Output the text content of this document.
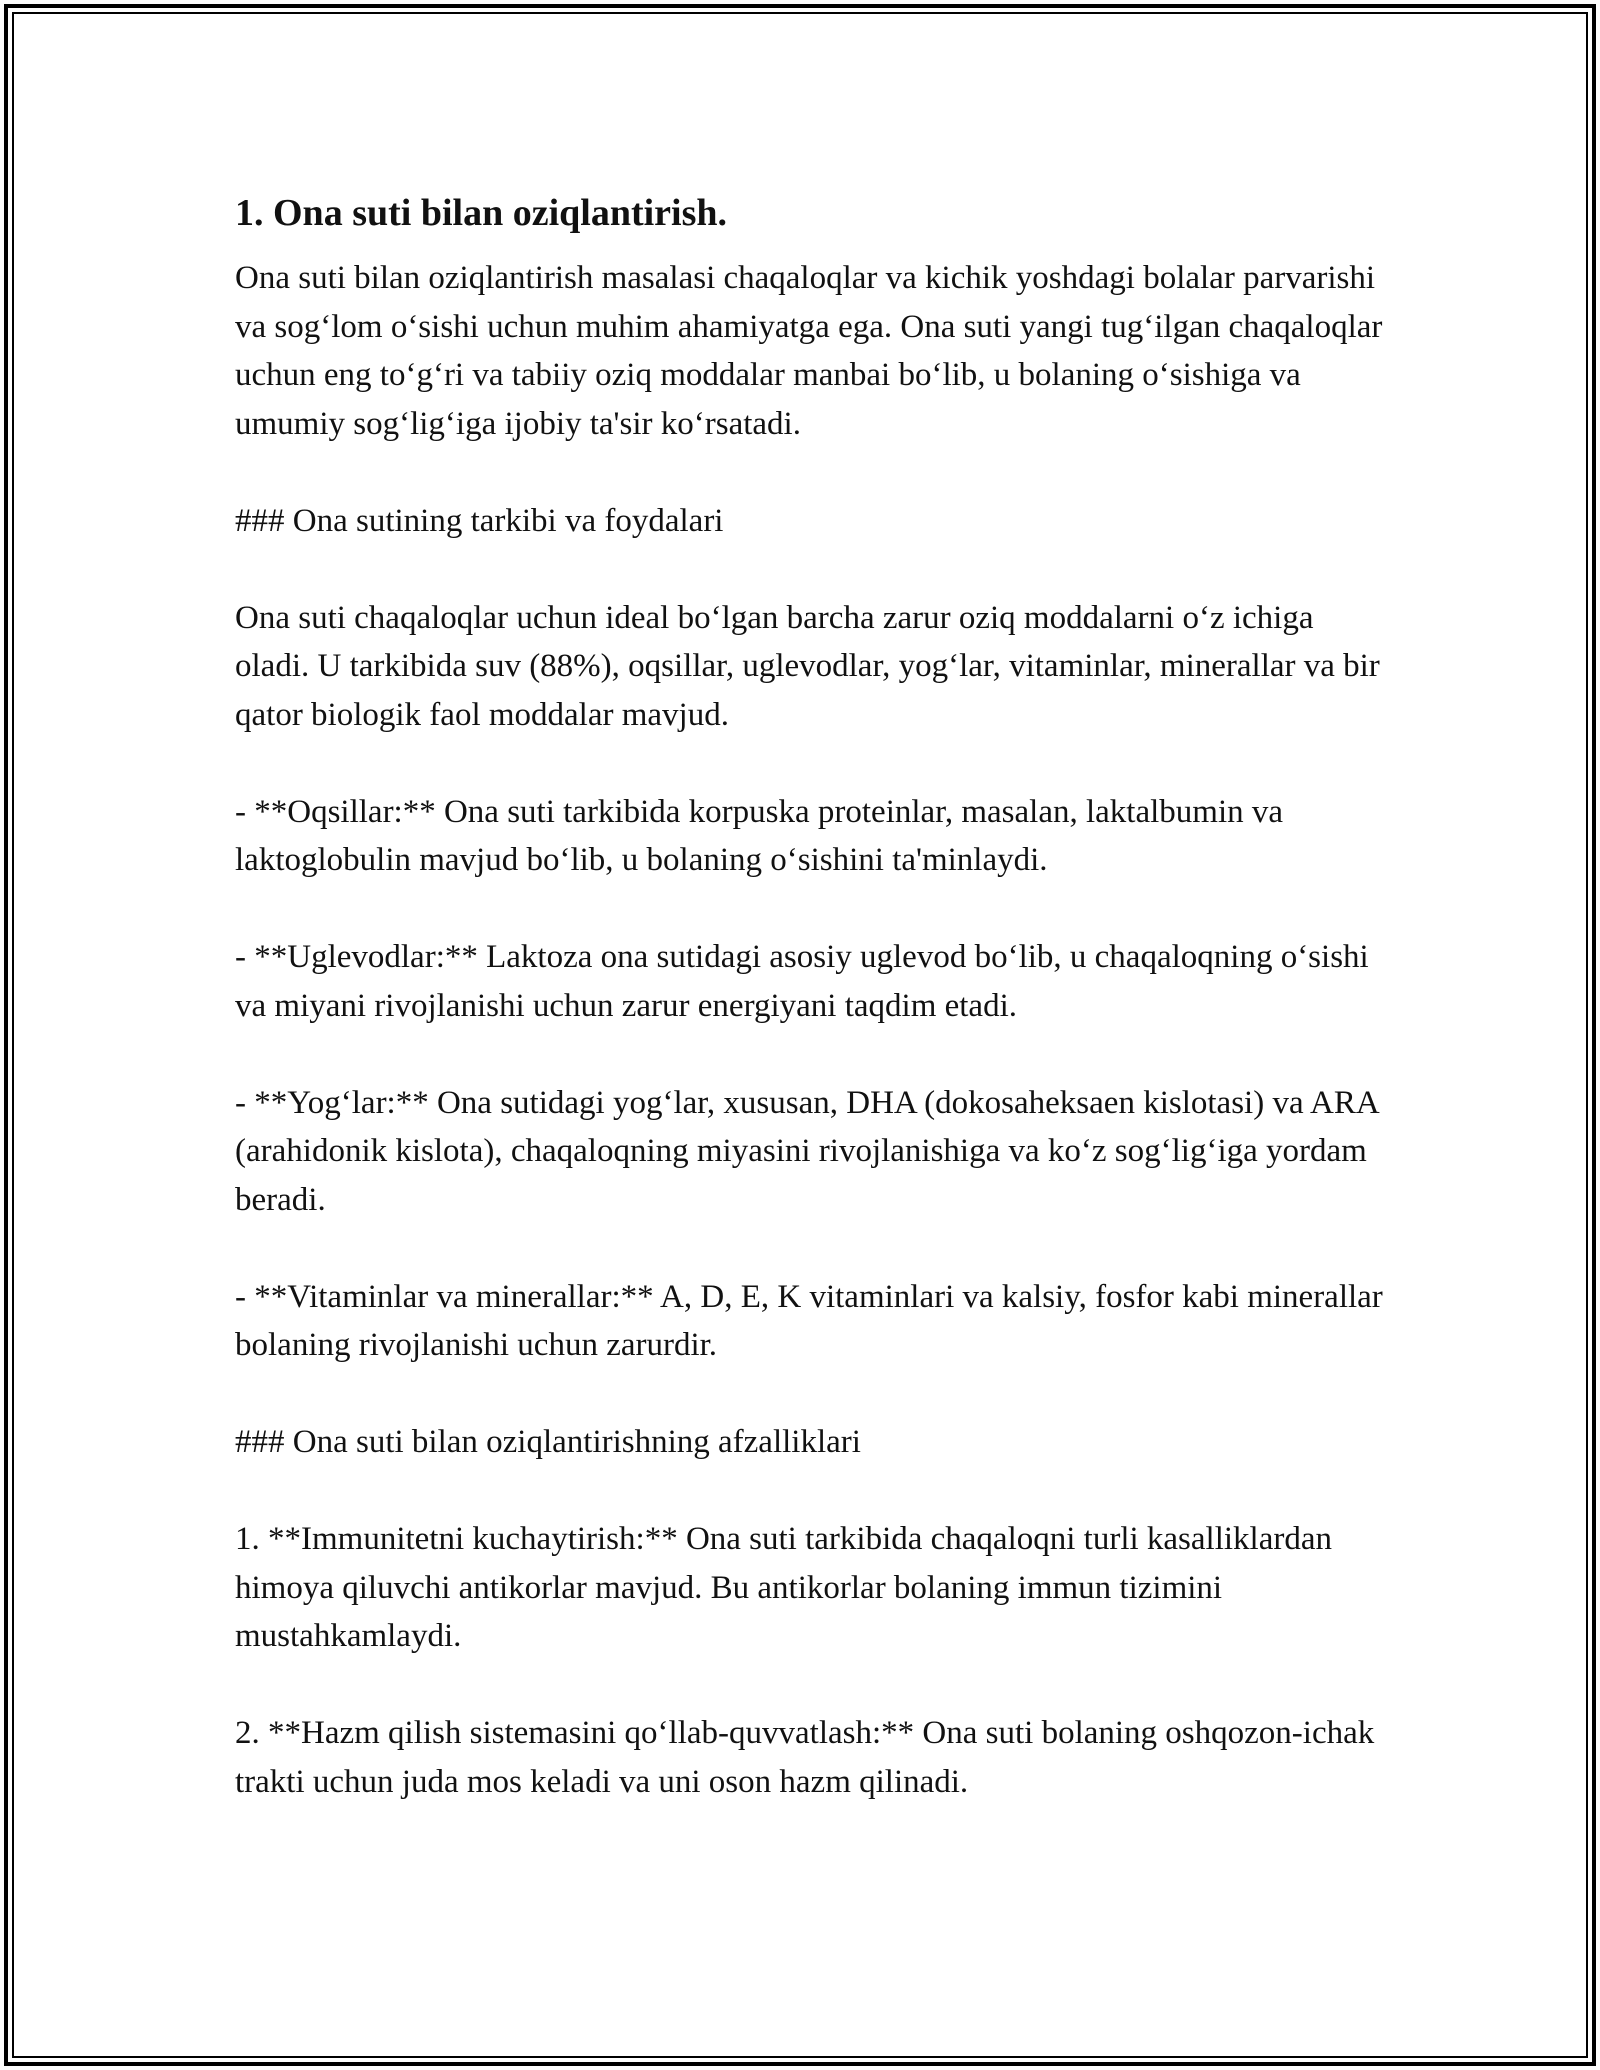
1. Ona suti bilan oziqlantirish.

Ona suti bilan oziqlantirish masalasi chaqaloqlar va kichik yoshdagi bolalar parvarishi va sog‘lom o‘sishi uchun muhim ahamiyatga ega. Ona suti yangi tug‘ilgan chaqaloqlar uchun eng to‘g‘ri va tabiiy oziq moddalar manbai bo‘lib, u bolaning o‘sishiga va umumiy sog‘lig‘iga ijobiy ta'sir ko‘rsatadi.

### Ona sutining tarkibi va foydalari

Ona suti chaqaloqlar uchun ideal bo‘lgan barcha zarur oziq moddalarni o‘z ichiga oladi. U tarkibida suv (88%), oqsillar, uglevodlar, yog‘lar, vitaminlar, minerallar va bir qator biologik faol moddalar mavjud.

- **Oqsillar:** Ona suti tarkibida korpuska proteinlar, masalan, laktalbumin va laktoglobulin mavjud bo‘lib, u bolaning o‘sishini ta'minlaydi.

- **Uglevodlar:** Laktoza ona sutidagi asosiy uglevod bo‘lib, u chaqaloqning o‘sishi va miyani rivojlanishi uchun zarur energiyani taqdim etadi.

- **Yog‘lar:** Ona sutidagi yog‘lar, xususan, DHA (dokosaheksaen kislotasi) va ARA (arahidonik kislota), chaqaloqning miyasini rivojlanishiga va ko‘z sog‘lig‘iga yordam beradi.

- **Vitaminlar va minerallar:** A, D, E, K vitaminlari va kalsiy, fosfor kabi minerallar bolaning rivojlanishi uchun zarurdir.

### Ona suti bilan oziqlantirishning afzalliklari

1. **Immunitetni kuchaytirish:** Ona suti tarkibida chaqaloqni turli kasalliklardan himoya qiluvchi antikorlar mavjud. Bu antikorlar bolaning immun tizimini mustahkamlaydi.

2. **Hazm qilish sistemasini qo‘llab-quvvatlash:** Ona suti bolaning oshqozon-ichak trakti uchun juda mos keladi va uni oson hazm qilinadi.
